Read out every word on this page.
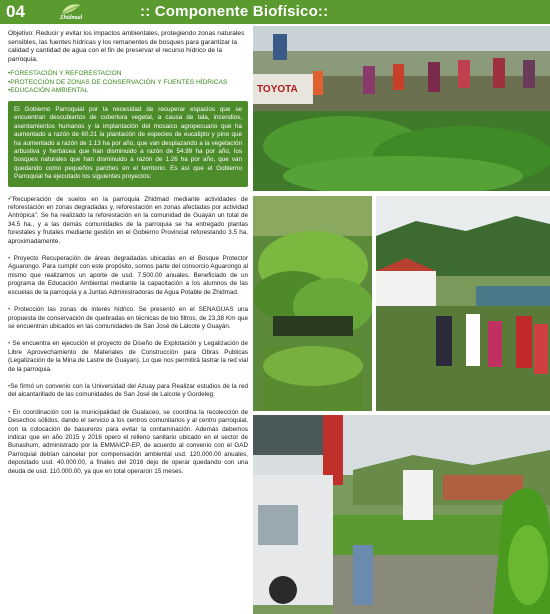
04	Zhidmad	:: Componente Biofísico::

Objetivo: Reducir y evitar los impactos ambientales, protegiendo zonas naturales sensibles, las fuentes hídricas y los remanentes de bosques para garantizar la calidad y cantidad de agua con el fin de preservar el recurso hídrico de la parroquia.

•FORESTACIÓN Y REFORESTACION
•PROTECCIÓN DE ZONAS DE CONSERVACIÓN Y FUENTES HÍDRICAS
•EDUCACIÓN AMBIENTAL

El Gobierno Parroquial por la necesidad de recuperar espacios que se encuentran descubiertos de cobertura vegetal, a causa de tala, incendios, asentamientos humanos y la implantación del mosaico agropecuario que ha aumentado a razón de 60.21 la plantación de especies de eucalipto y pino que ha aumentado a razón de 1.13 ha por año, que van desplazando a la vegetación arbustiva y herbácea que han disminuido a razón de 54.99 ha por año, los bosques naturales que han disminuido a razón de 1.26 ha por año, que van quedando como pequeños parches en el territorio. Es así que el Gobierno Parroquial ha ejecutado los siguientes proyectos:

•"Recuperación de suelos en la parroquia Zhidmad mediante actividades de reforestación en zonas degradadas y, reforestación en zonas afectadas por actividad Antrópica". Se ha realizado la reforestación en la comunidad de Guayán un total de 34.5 ha., y a las demás comunidades de la parroquia se ha entregado plantas forestales y frutales mediante gestión en el Gobierno Provincial reforestando 3.5 ha. aproximadamente.

• Proyecto Recuperación de áreas degradadas ubicadas en el Bosque Protector Aguarongo. Para cumplir con este propósito, somos parte del consorcio Aguarongo al mismo que realizamos un aporte de usd. 7.500.00 anuales. Beneficiado de un programa de Educación Ambiental mediante la capacitación a los alumnos de las escuelas de la parroquia y a Juntas Administradoras de Agua Potable de Zhidmad.

• Protección las zonas de interés hídrico. Se presentó en el SENAGUAS una propuesta de conservación de quebradas en técnicas de bio filtros, de 23,38 Km que se encuentran ubicados en las comunidades de San José de Lalcote y Guayán.

• Se encuentra en ejecución el proyecto de Diseño de Explotación y Legalización de Libre Aprovechamiento de Materiales de Construcción para Obras Publicas (Legalización de la Mina de Lastre de Guayan). Lo que nos permitirá lastrar la red vial de la parroquia.

•Se firmó un convenio con la Universidad del Azuay para Realizar estudios de la red del alcantarillado de las comunidades de San José de Lalcote y Gordeleg:

• En coordinación con la municipalidad de Gualaceo, se coordina la recolección de Desechos sólidos, dando el servicio a los centros comunitarios y al centro parroquial, con la colocación de basureros para evitar la contaminación. Además debemos indicar que en año 2015 y 2016 opero el relleno sanitario ubicado en el sector de Bunashum, administrado por la EMMAICP-EP, de acuerdo al convenio con el GAD Parroquial debían cancelar por compensación ambiental usd. 120.000.00 anuales, depositado usd. 40.000.00, a finales del 2016 dejo de operar quedando con una deuda de usd. 110.000.00, ya que en total operaron 15 meses.

TOYOTA
